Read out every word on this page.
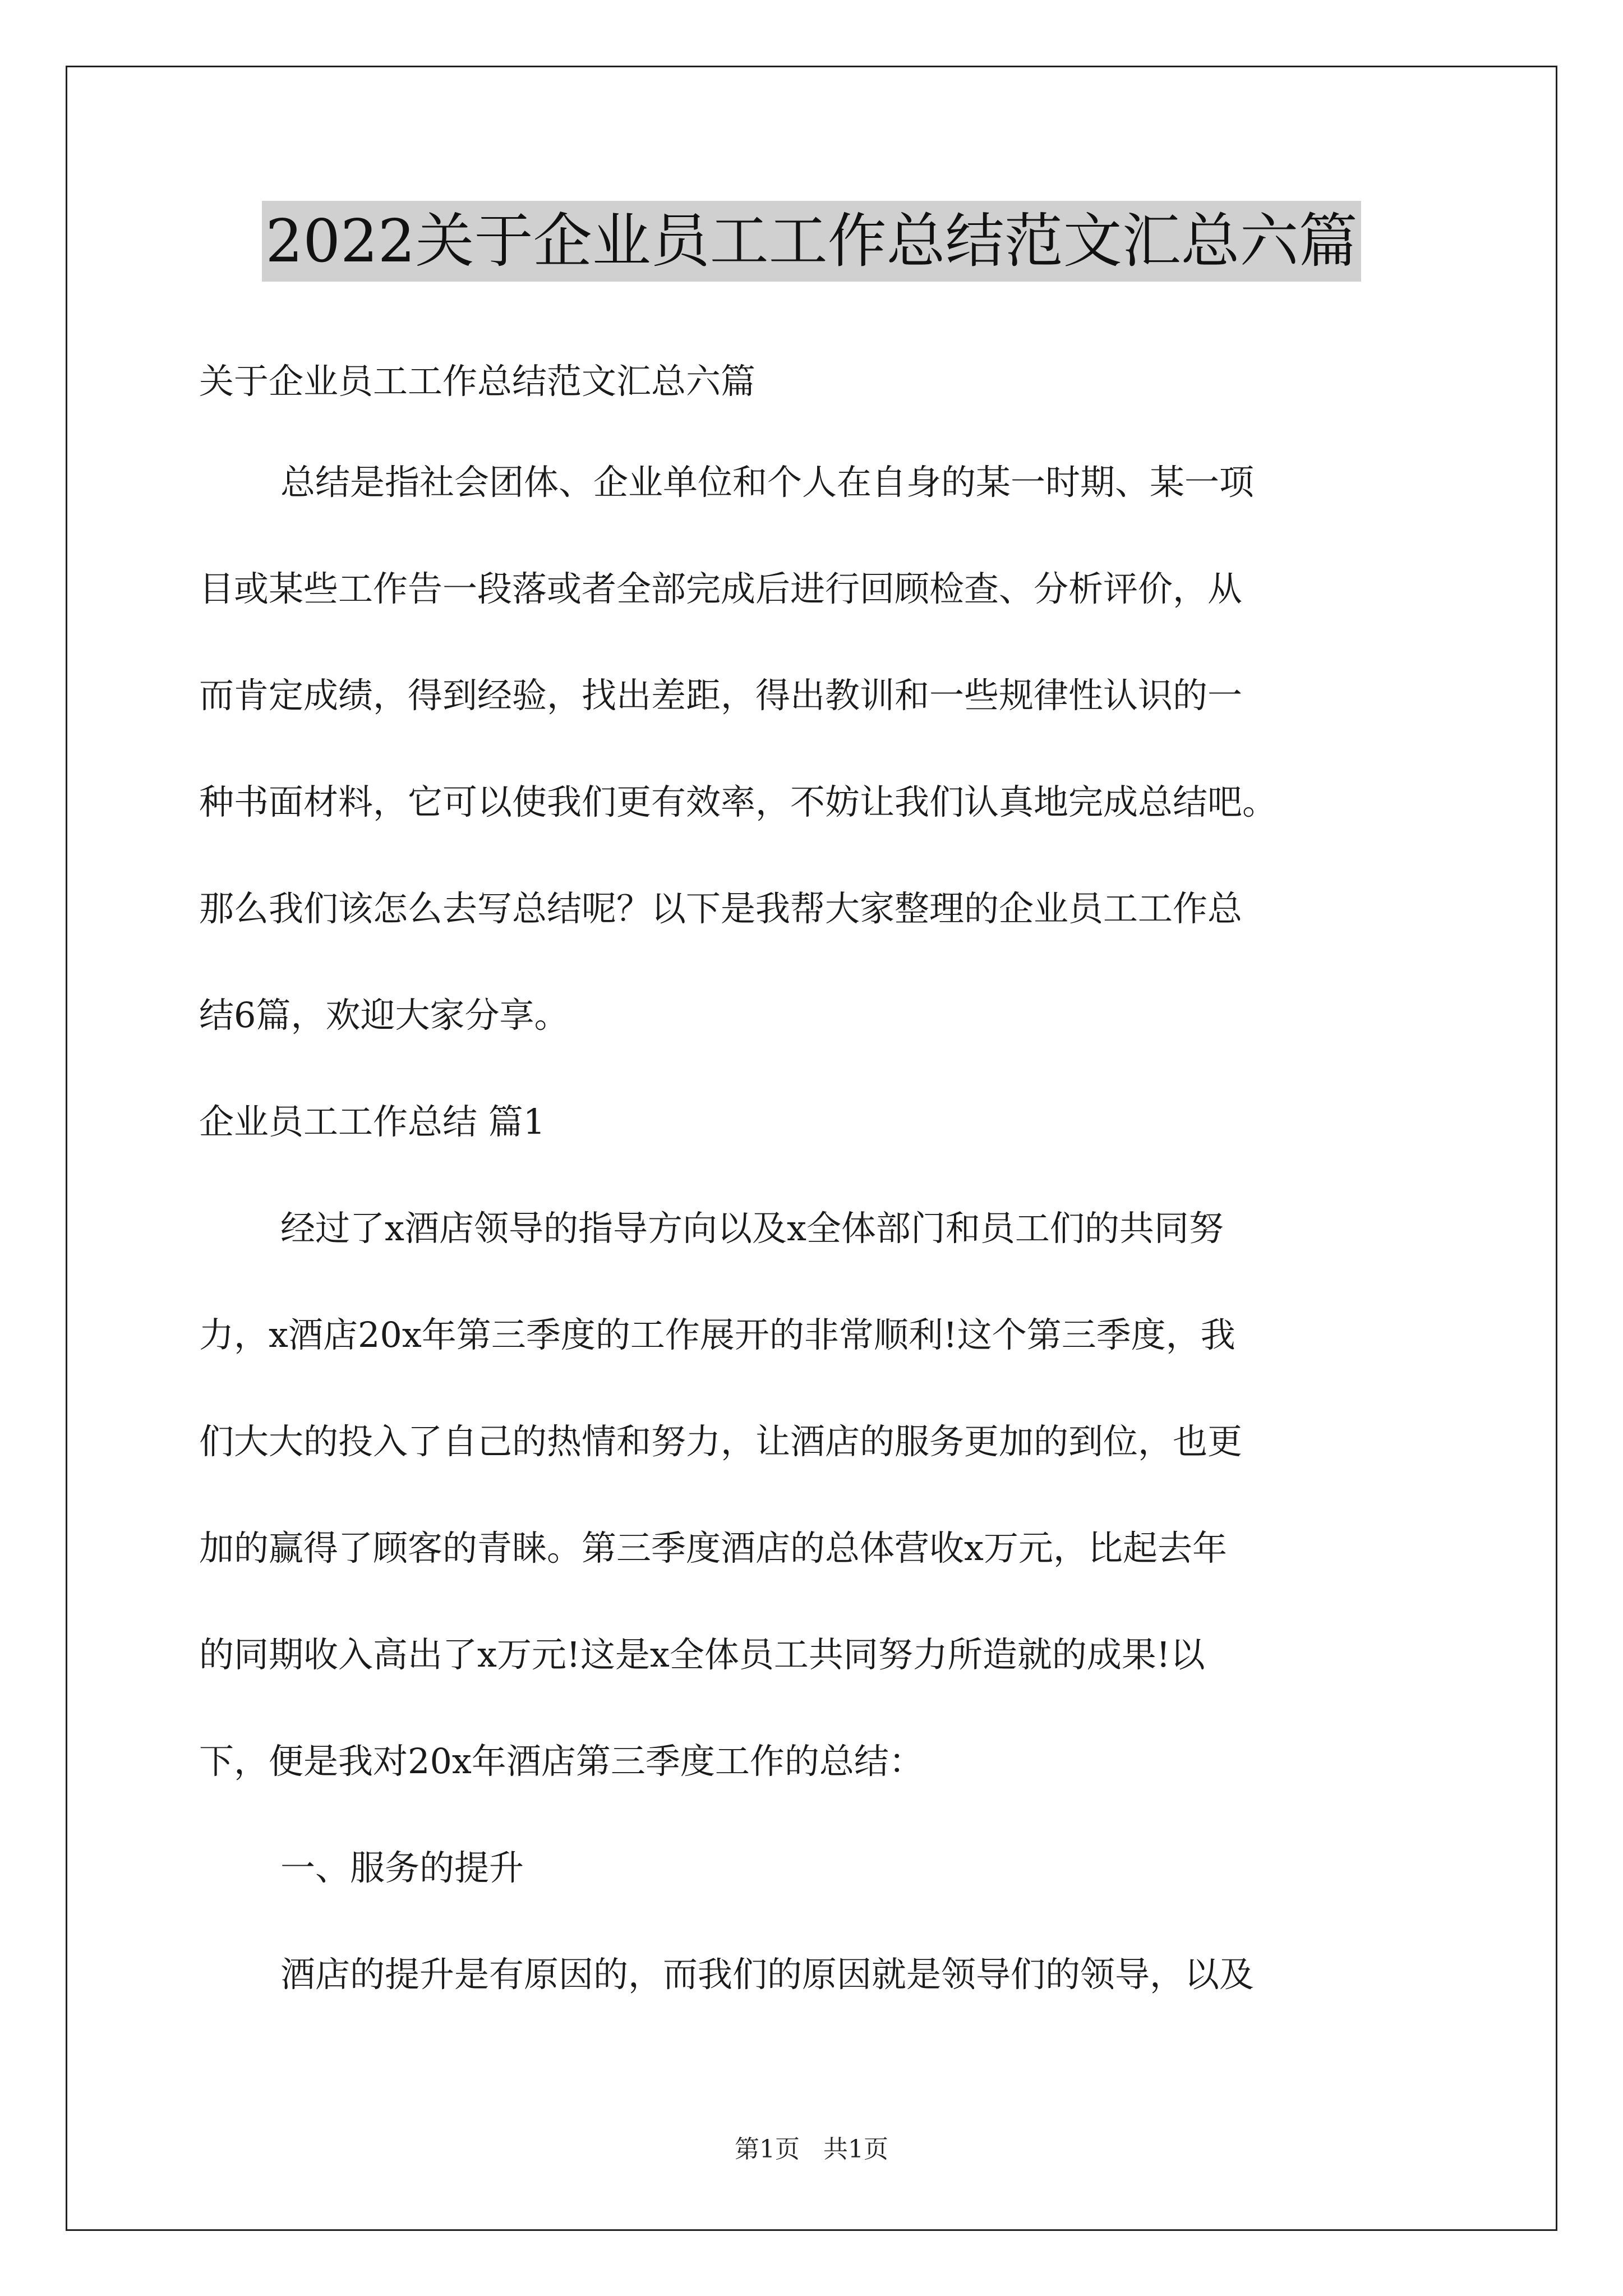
2022关于企业员工工作总结范文汇总六篇
关于企业员工工作总结范文汇总六篇
总结是指社会团体、企业单位和个人在自身的某一时期、某一项
目或某些工作告一段落或者全部完成后进行回顾检查、分析评价，从
而肯定成绩，得到经验，找出差距，得出教训和一些规律性认识的一
种书面材料，它可以使我们更有效率，不妨让我们认真地完成总结吧。
那么我们该怎么去写总结呢？以下是我帮大家整理的企业员工工作总
结6篇，欢迎大家分享。
企业员工工作总结 篇1
经过了x酒店领导的指导方向以及x全体部门和员工们的共同努
力，x酒店20x年第三季度的工作展开的非常顺利!这个第三季度，我
们大大的投入了自己的热情和努力，让酒店的服务更加的到位，也更
加的赢得了顾客的青睐。第三季度酒店的总体营收x万元，比起去年
的同期收入高出了x万元!这是x全体员工共同努力所造就的成果!以
下，便是我对20x年酒店第三季度工作的总结：
一、服务的提升
酒店的提升是有原因的，而我们的原因就是领导们的领导，以及
第1页   共1页
